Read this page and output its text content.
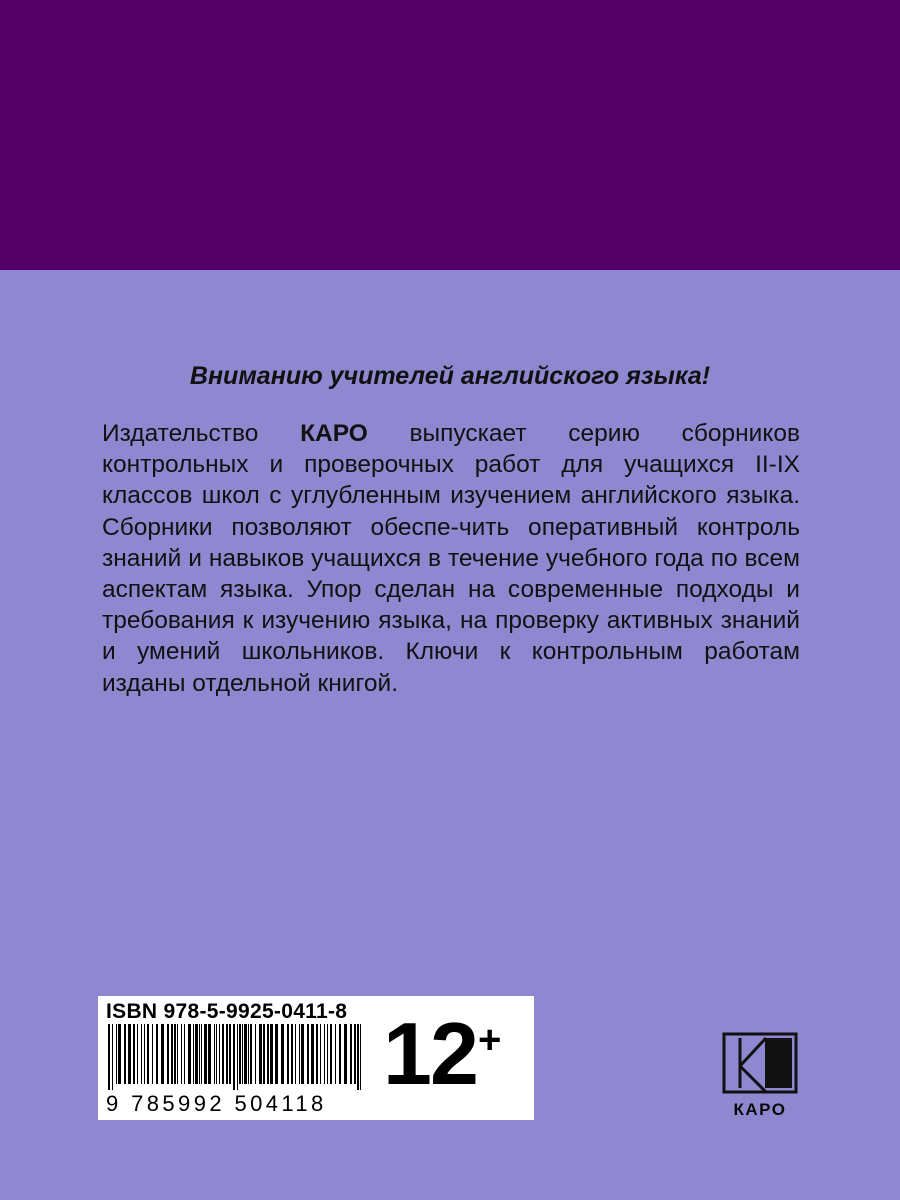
Вниманию учителей английского языка!

Издательство КАРО выпускает серию сборников контрольных и проверочных работ для учащихся II-IX классов школ с углубленным изучением английского языка. Сборники позволяют обеспе-чить оперативный контроль знаний и навыков учащихся в течение учебного года по всем аспектам языка. Упор сделан на современные подходы и требования к изучению языка, на проверку активных знаний и умений школьников. Ключи к контрольным работам изданы отдельной книгой.

ISBN 978-5-9925-0411-8
9 785992 504118
12 +
КАРО
